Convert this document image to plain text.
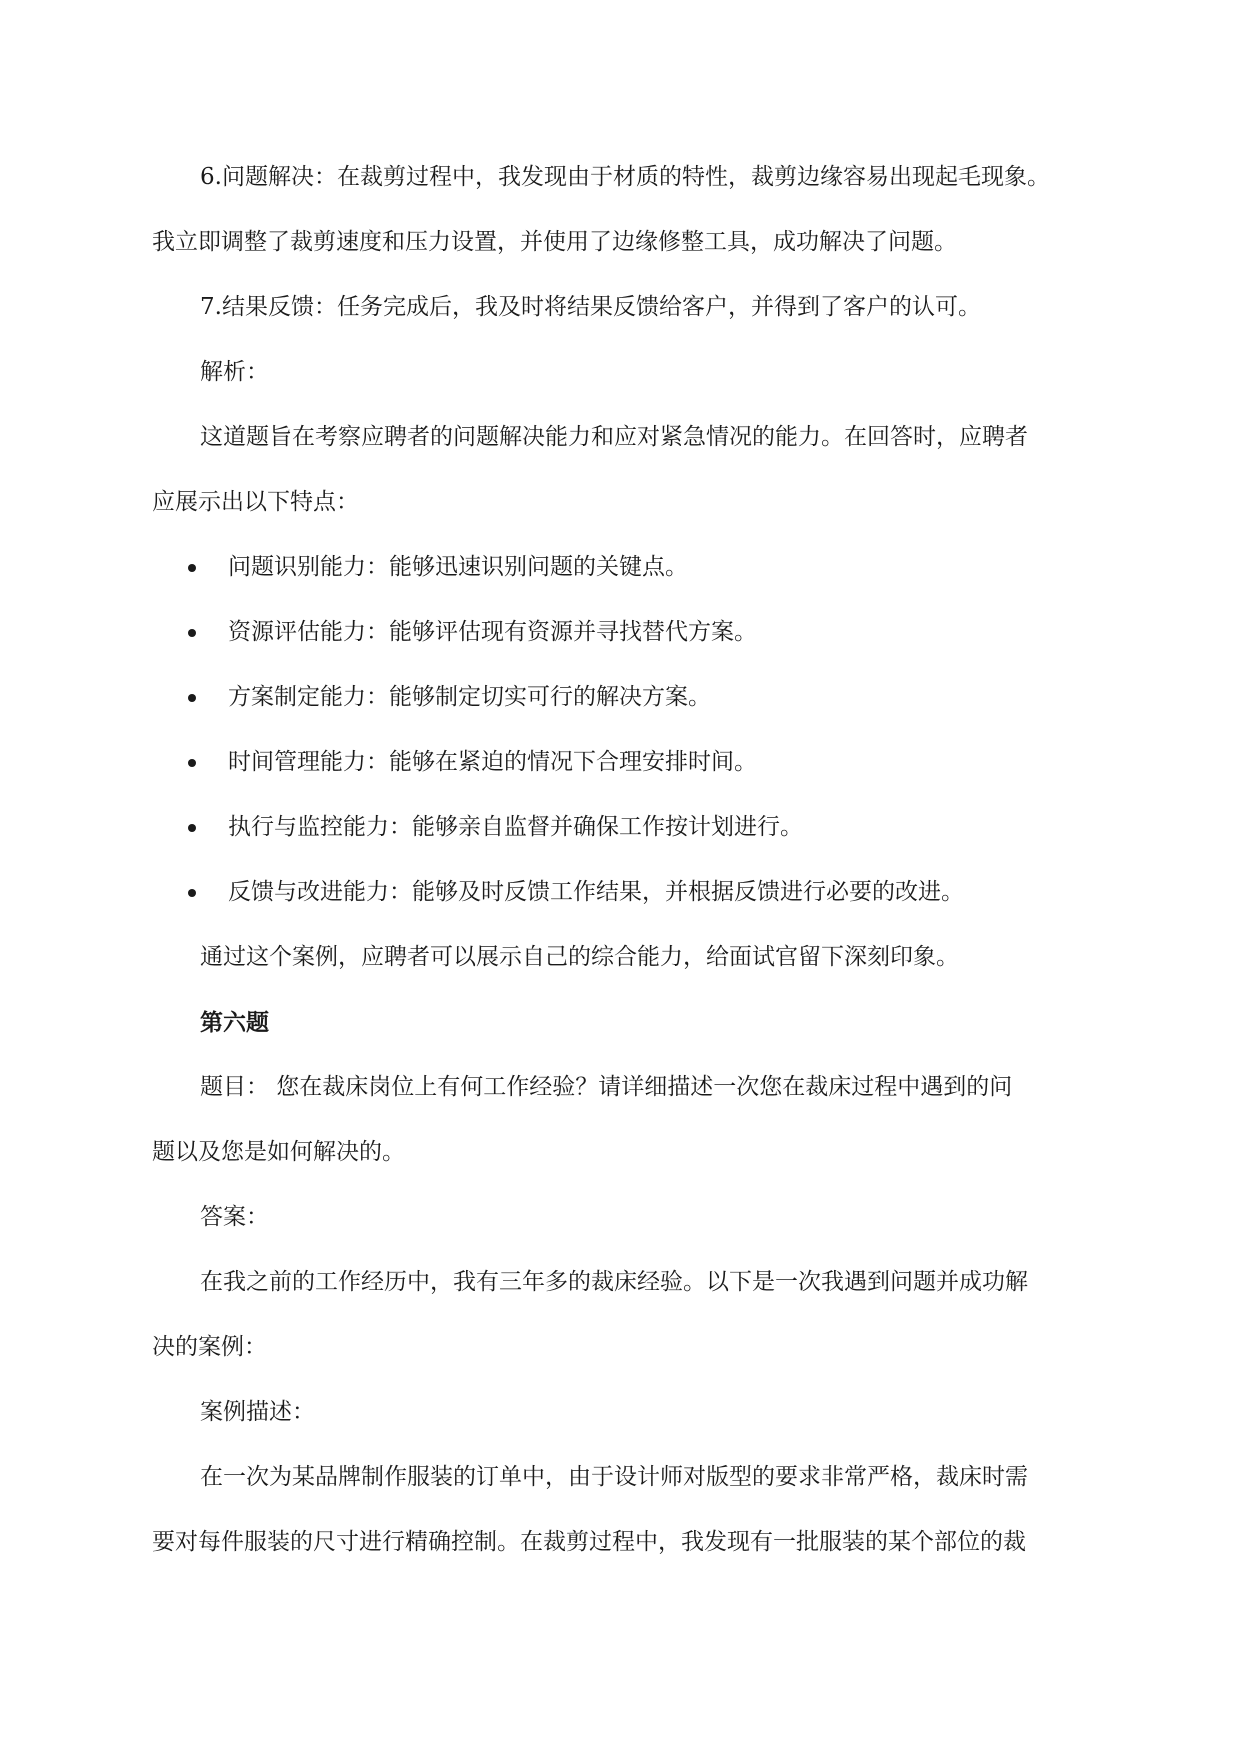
6.问题解决：在裁剪过程中，我发现由于材质的特性，裁剪边缘容易出现起毛现象。
我立即调整了裁剪速度和压力设置，并使用了边缘修整工具，成功解决了问题。
7.结果反馈：任务完成后，我及时将结果反馈给客户，并得到了客户的认可。
解析：
这道题旨在考察应聘者的问题解决能力和应对紧急情况的能力。在回答时，应聘者
应展示出以下特点：
问题识别能力：能够迅速识别问题的关键点。
资源评估能力：能够评估现有资源并寻找替代方案。
方案制定能力：能够制定切实可行的解决方案。
时间管理能力：能够在紧迫的情况下合理安排时间。
执行与监控能力：能够亲自监督并确保工作按计划进行。
反馈与改进能力：能够及时反馈工作结果，并根据反馈进行必要的改进。
通过这个案例，应聘者可以展示自己的综合能力，给面试官留下深刻印象。
第六题
题目： 您在裁床岗位上有何工作经验？请详细描述一次您在裁床过程中遇到的问
题以及您是如何解决的。
答案：
在我之前的工作经历中，我有三年多的裁床经验。以下是一次我遇到问题并成功解
决的案例：
案例描述：
在一次为某品牌制作服装的订单中，由于设计师对版型的要求非常严格，裁床时需
要对每件服装的尺寸进行精确控制。在裁剪过程中，我发现有一批服装的某个部位的裁
